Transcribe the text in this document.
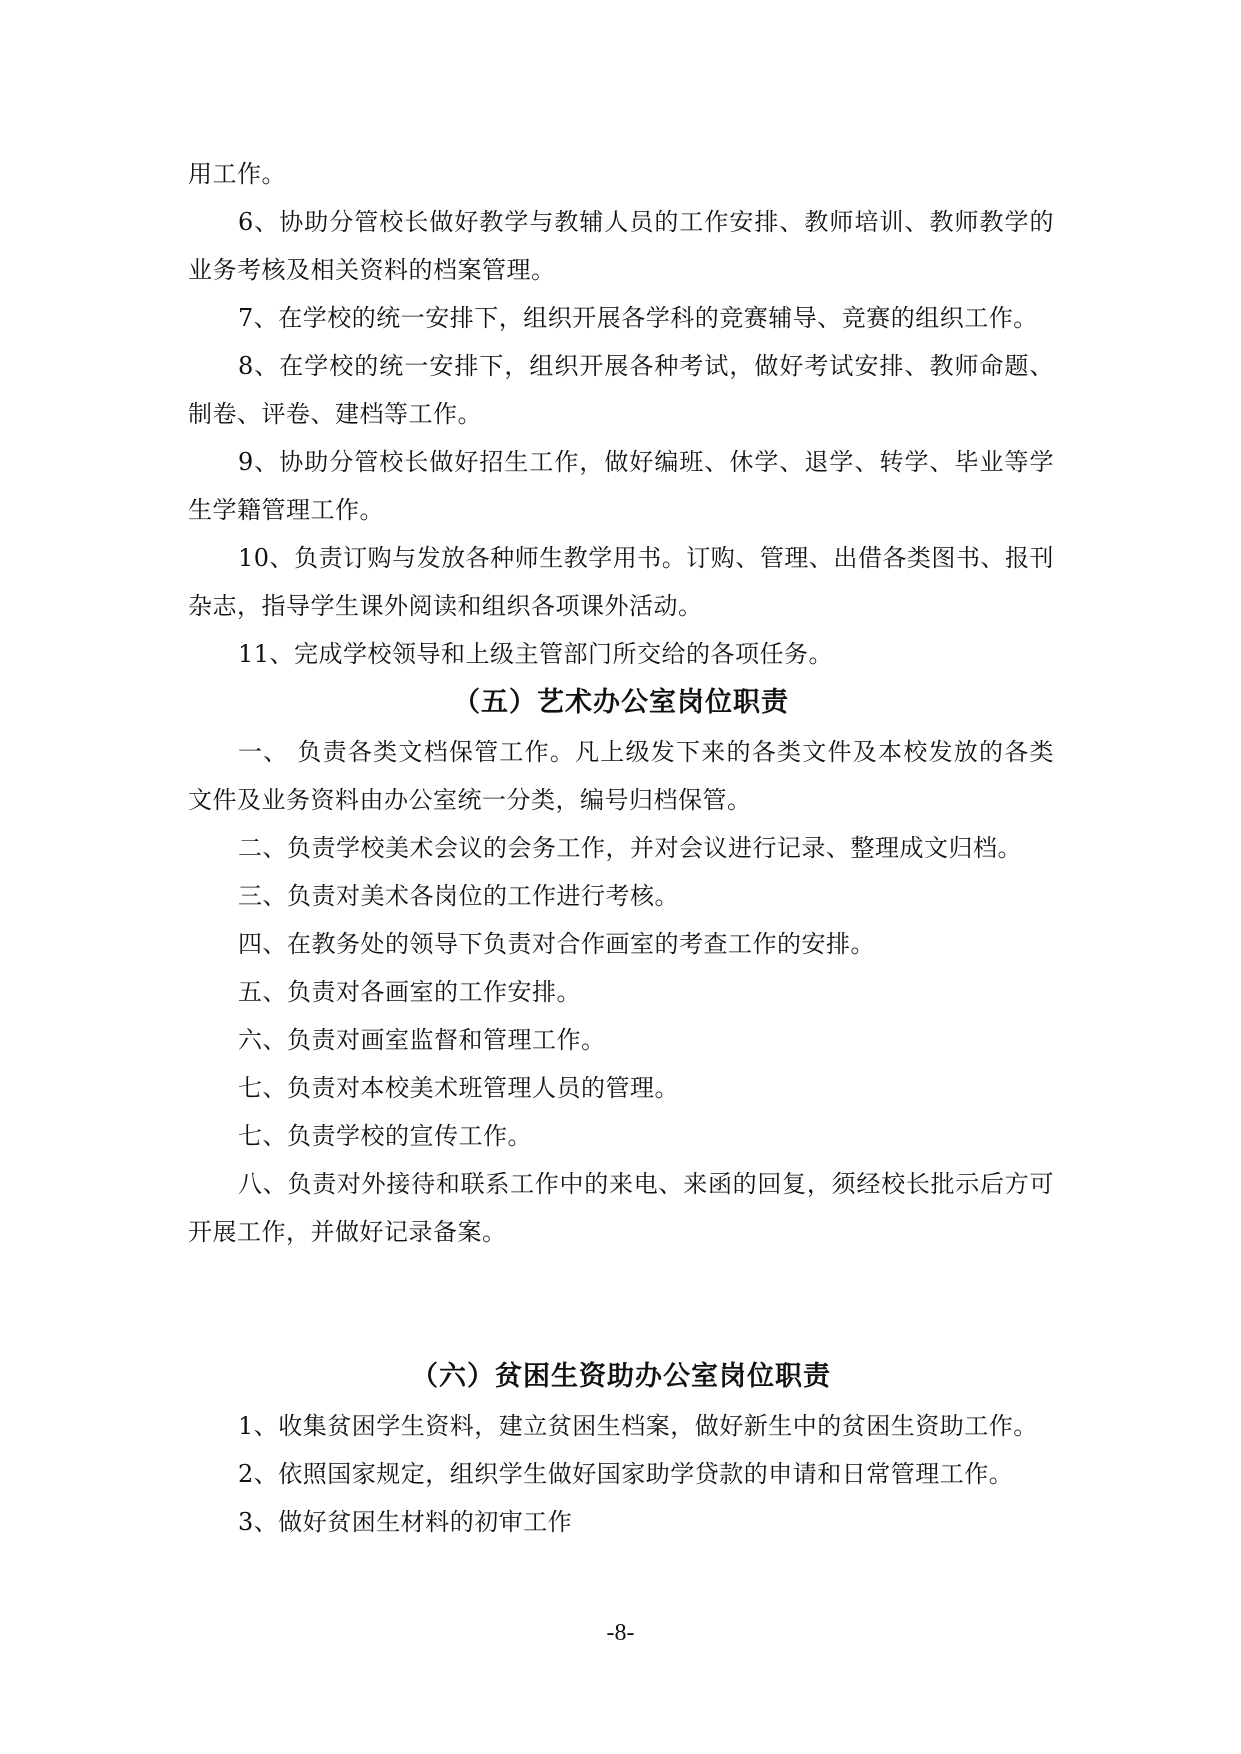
用工作。

6、协助分管校长做好教学与教辅人员的工作安排、教师培训、教师教学的业务考核及相关资料的档案管理。

7、在学校的统一安排下，组织开展各学科的竞赛辅导、竞赛的组织工作。

8、在学校的统一安排下，组织开展各种考试，做好考试安排、教师命题、制卷、评卷、建档等工作。

9、协助分管校长做好招生工作，做好编班、休学、退学、转学、毕业等学生学籍管理工作。

10、负责订购与发放各种师生教学用书。订购、管理、出借各类图书、报刊杂志，指导学生课外阅读和组织各项课外活动。

11、完成学校领导和上级主管部门所交给的各项任务。

（五）艺术办公室岗位职责

一、 负责各类文档保管工作。凡上级发下来的各类文件及本校发放的各类文件及业务资料由办公室统一分类，编号归档保管。

二、负责学校美术会议的会务工作，并对会议进行记录、整理成文归档。

三、负责对美术各岗位的工作进行考核。

四、在教务处的领导下负责对合作画室的考查工作的安排。

五、负责对各画室的工作安排。

六、负责对画室监督和管理工作。

七、负责对本校美术班管理人员的管理。

七、负责学校的宣传工作。

八、负责对外接待和联系工作中的来电、来函的回复，须经校长批示后方可开展工作，并做好记录备案。

（六）贫困生资助办公室岗位职责

1、收集贫困学生资料，建立贫困生档案，做好新生中的贫困生资助工作。

2、依照国家规定，组织学生做好国家助学贷款的申请和日常管理工作。

3、做好贫困生材料的初审工作

-8-
